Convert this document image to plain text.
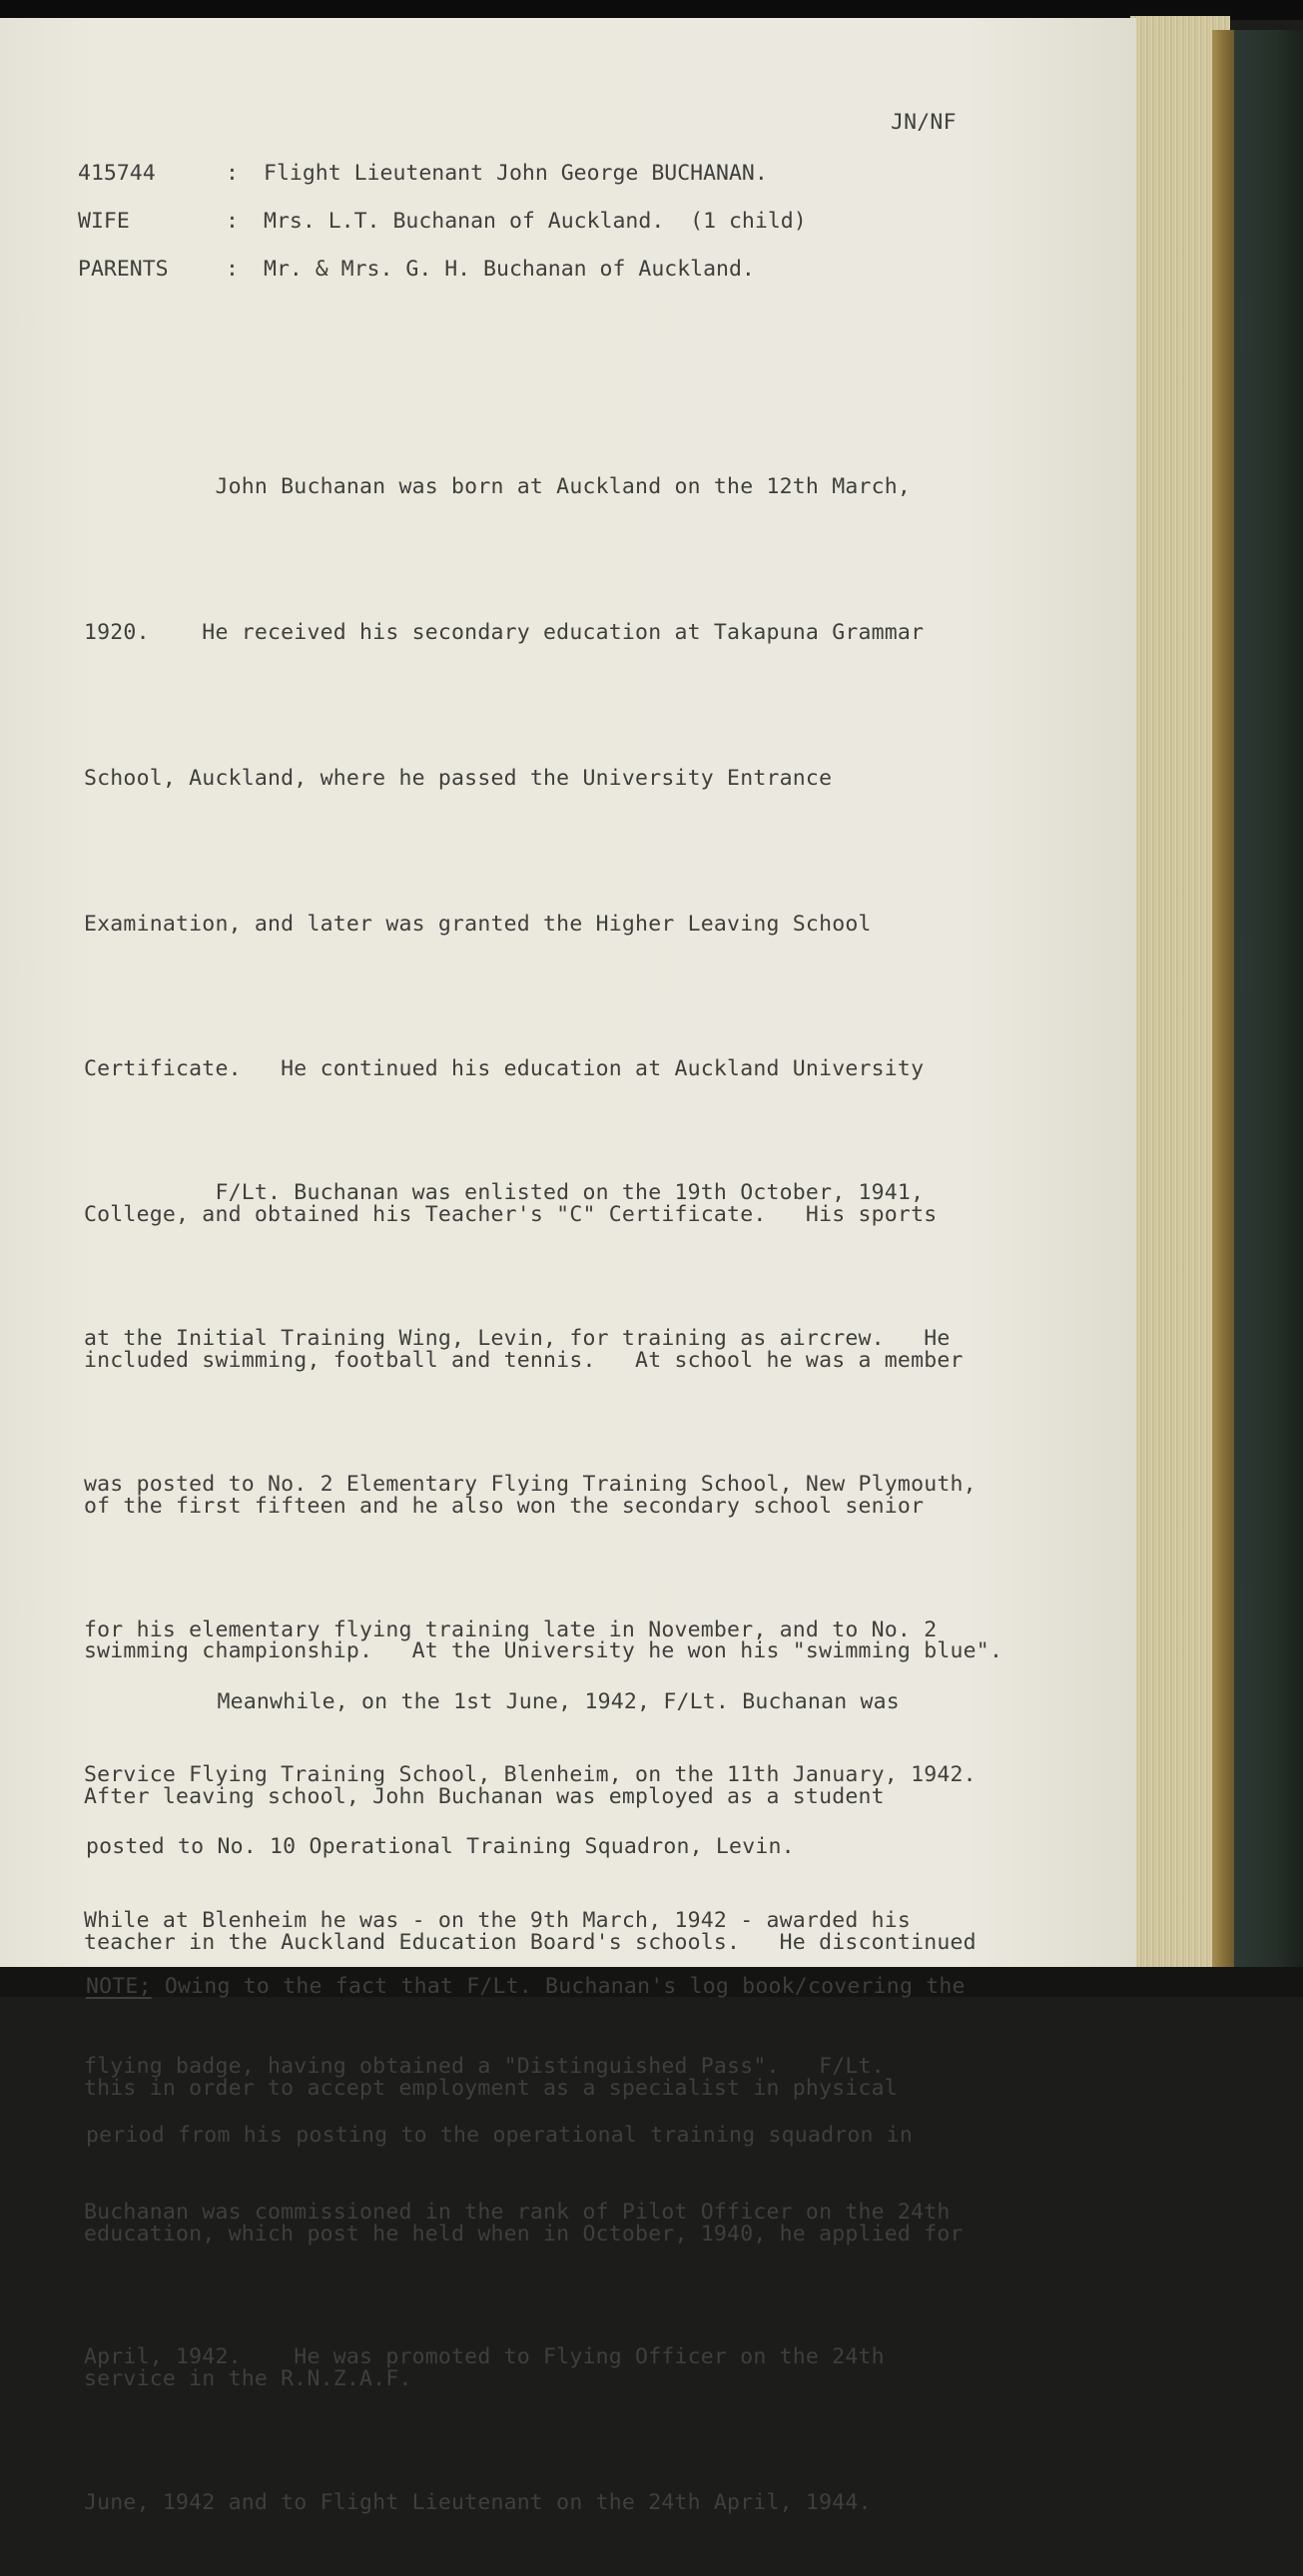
JN/NF
415744	: Flight Lieutenant John George BUCHANAN.
WIFE	: Mrs. L.T. Buchanan of Auckland.  (1 child)
PARENTS	: Mr. & Mrs. G. H. Buchanan of Auckland.

John Buchanan was born at Auckland on the 12th March,

1920.    He received his secondary education at Takapuna Grammar

School, Auckland, where he passed the University Entrance

Examination, and later was granted the Higher Leaving School

Certificate.   He continued his education at Auckland University

College, and obtained his Teacher's "C" Certificate.   His sports

included swimming, football and tennis.   At school he was a member

of the first fifteen and he also won the secondary school senior

swimming championship.   At the University he won his "swimming blue".

After leaving school, John Buchanan was employed as a student

teacher in the Auckland Education Board's schools.   He discontinued

this in order to accept employment as a specialist in physical

education, which post he held when in October, 1940, he applied for

service in the R.N.Z.A.F.

F/Lt. Buchanan was enlisted on the 19th October, 1941,

at the Initial Training Wing, Levin, for training as aircrew.   He

was posted to No. 2 Elementary Flying Training School, New Plymouth,

for his elementary flying training late in November, and to No. 2

Service Flying Training School, Blenheim, on the 11th January, 1942.

While at Blenheim he was - on the 9th March, 1942 - awarded his

flying badge, having obtained a "Distinguished Pass".   F/Lt.

Buchanan was commissioned in the rank of Pilot Officer on the 24th

April, 1942.    He was promoted to Flying Officer on the 24th

June, 1942 and to Flight Lieutenant on the 24th April, 1944.

Meanwhile, on the 1st June, 1942, F/Lt. Buchanan was

posted to No. 10 Operational Training Squadron, Levin.

NOTE; Owing to the fact that F/Lt. Buchanan's log book/covering the

period from his posting to the operational training squadron in
